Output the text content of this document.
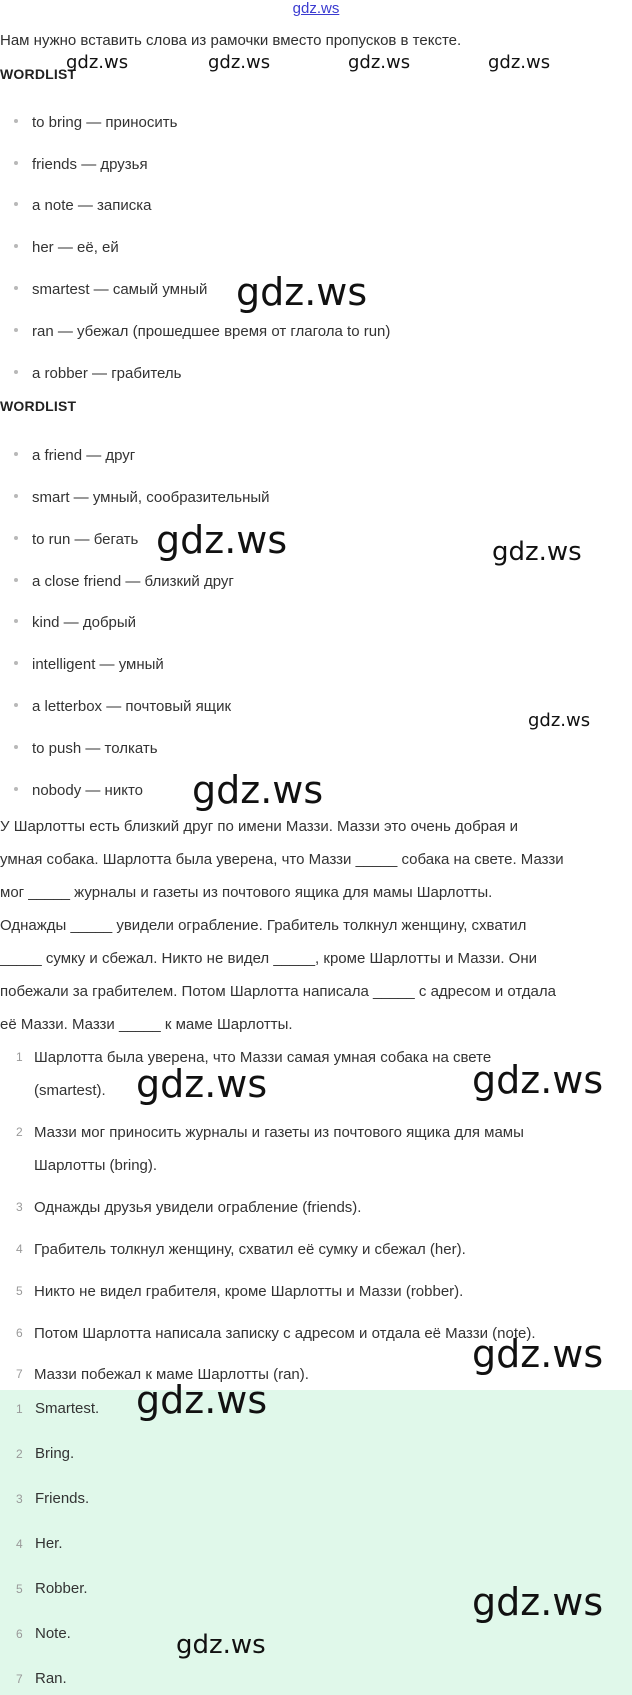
gdz.ws
Нам нужно вставить слова из рамочки вместо пропусков в тексте.
WORDLIST
to bring — приносить
friends — друзья
a note — записка
her — её, ей
smartest — самый умный
ran — убежал (прошедшее время от глагола to run)
a robber — грабитель
WORDLIST
a friend — друг
smart — умный, сообразительный
to run — бегать
a close friend — близкий друг
kind — добрый
intelligent — умный
a letterbox — почтовый ящик
to push — толкать
nobody — никто
У Шарлотты есть близкий друг по имени Маззи. Маззи это очень добрая и
умная собака. Шарлотта была уверена, что Маззи _____ собака на свете. Маззи
мог _____ журналы и газеты из почтового ящика для мамы Шарлотты.
Однажды _____ увидели ограбление. Грабитель толкнул женщину, схватил
_____ сумку и сбежал. Никто не видел _____, кроме Шарлотты и Маззи. Они
побежали за грабителем. Потом Шарлотта написала _____ с адресом и отдала
её Маззи. Маззи _____ к маме Шарлотты.
1 Шарлотта была уверена, что Маззи самая умная собака на свете
(smartest).
2 Маззи мог приносить журналы и газеты из почтового ящика для мамы
Шарлотты (bring).
3 Однажды друзья увидели ограбление (friends).
4 Грабитель толкнул женщину, схватил её сумку и сбежал (her).
5 Никто не видел грабителя, кроме Шарлотты и Маззи (robber).
6 Потом Шарлотта написала записку с адресом и отдала её Маззи (note).
7 Маззи побежал к маме Шарлотты (ran).
1 Smartest.
2 Bring.
3 Friends.
4 Her.
5 Robber.
6 Note.
7 Ran.
gdz.ws	gdz.ws	gdz.ws	gdz.ws
gdz.ws
gdz.ws	gdz.ws
gdz.ws
gdz.ws
gdz.ws	gdz.ws
gdz.ws
gdz.ws
gdz.ws
gdz.ws
